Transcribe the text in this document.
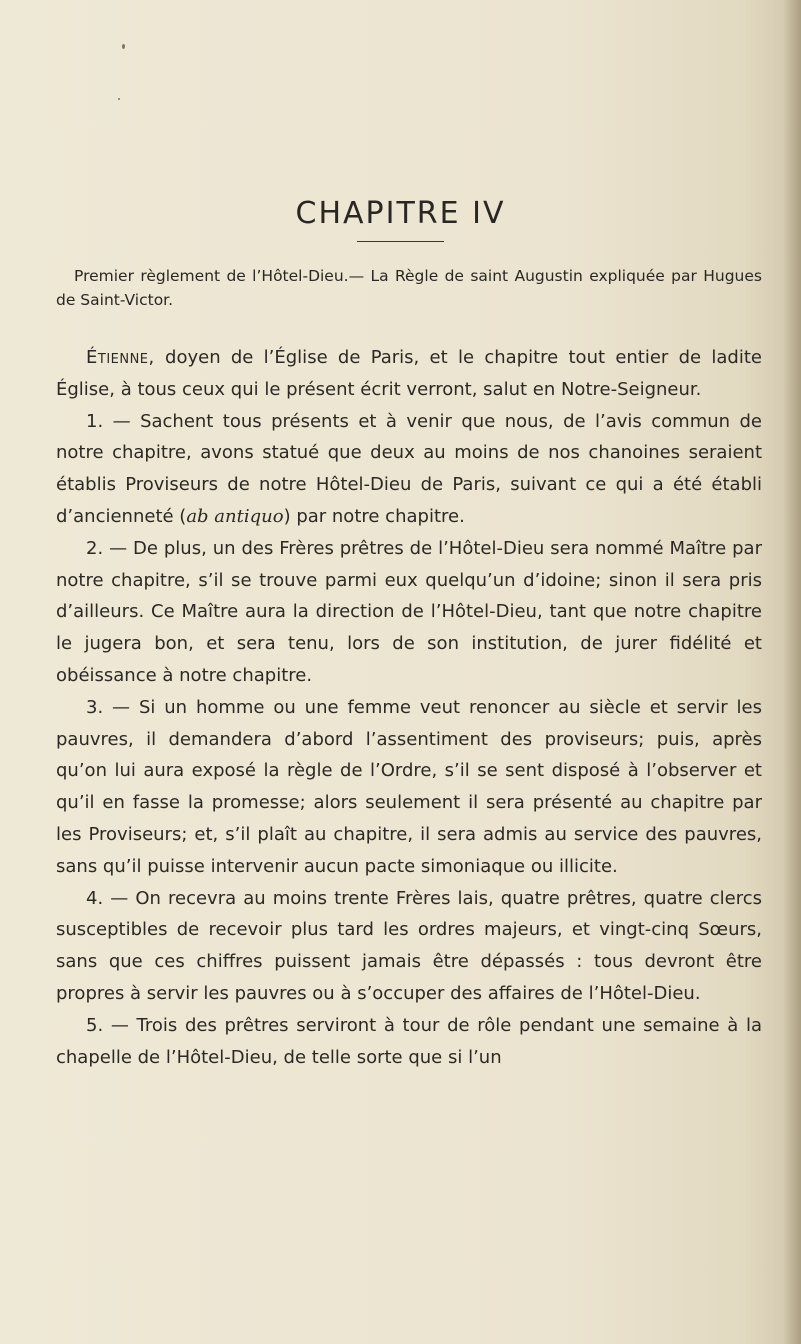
CHAPITRE IV
Premier règlement de l’Hôtel-Dieu.— La Règle de saint Augustin expliquée par Hugues de Saint-Victor.

Étienne, doyen de l’Église de Paris, et le chapitre tout entier de ladite Église, à tous ceux qui le présent écrit verront, salut en Notre-Seigneur.

1. — Sachent tous présents et à venir que nous, de l’avis commun de notre chapitre, avons statué que deux au moins de nos chanoines seraient établis Proviseurs de notre Hôtel-Dieu de Paris, suivant ce qui a été établi d’ancienneté (ab antiquo) par notre chapitre.

2. — De plus, un des Frères prêtres de l’Hôtel-Dieu sera nommé Maître par notre chapitre, s’il se trouve parmi eux quelqu’un d’idoine; sinon il sera pris d’ailleurs. Ce Maître aura la direction de l’Hôtel-Dieu, tant que notre chapitre le jugera bon, et sera tenu, lors de son institution, de jurer fidélité et obéissance à notre chapitre.

3. — Si un homme ou une femme veut renoncer au siècle et servir les pauvres, il demandera d’abord l’assentiment des proviseurs; puis, après qu’on lui aura exposé la règle de l’Ordre, s’il se sent disposé à l’observer et qu’il en fasse la promesse; alors seulement il sera présenté au chapitre par les Proviseurs; et, s’il plaît au chapitre, il sera admis au service des pauvres, sans qu’il puisse intervenir aucun pacte simoniaque ou illicite.

4. — On recevra au moins trente Frères lais, quatre prêtres, quatre clercs susceptibles de recevoir plus tard les ordres majeurs, et vingt-cinq Sœurs, sans que ces chiffres puissent jamais être dépassés : tous devront être propres à servir les pauvres ou à s’occuper des affaires de l’Hôtel-Dieu.

5. — Trois des prêtres serviront à tour de rôle pendant une semaine à la chapelle de l’Hôtel-Dieu, de telle sorte que si l’un
